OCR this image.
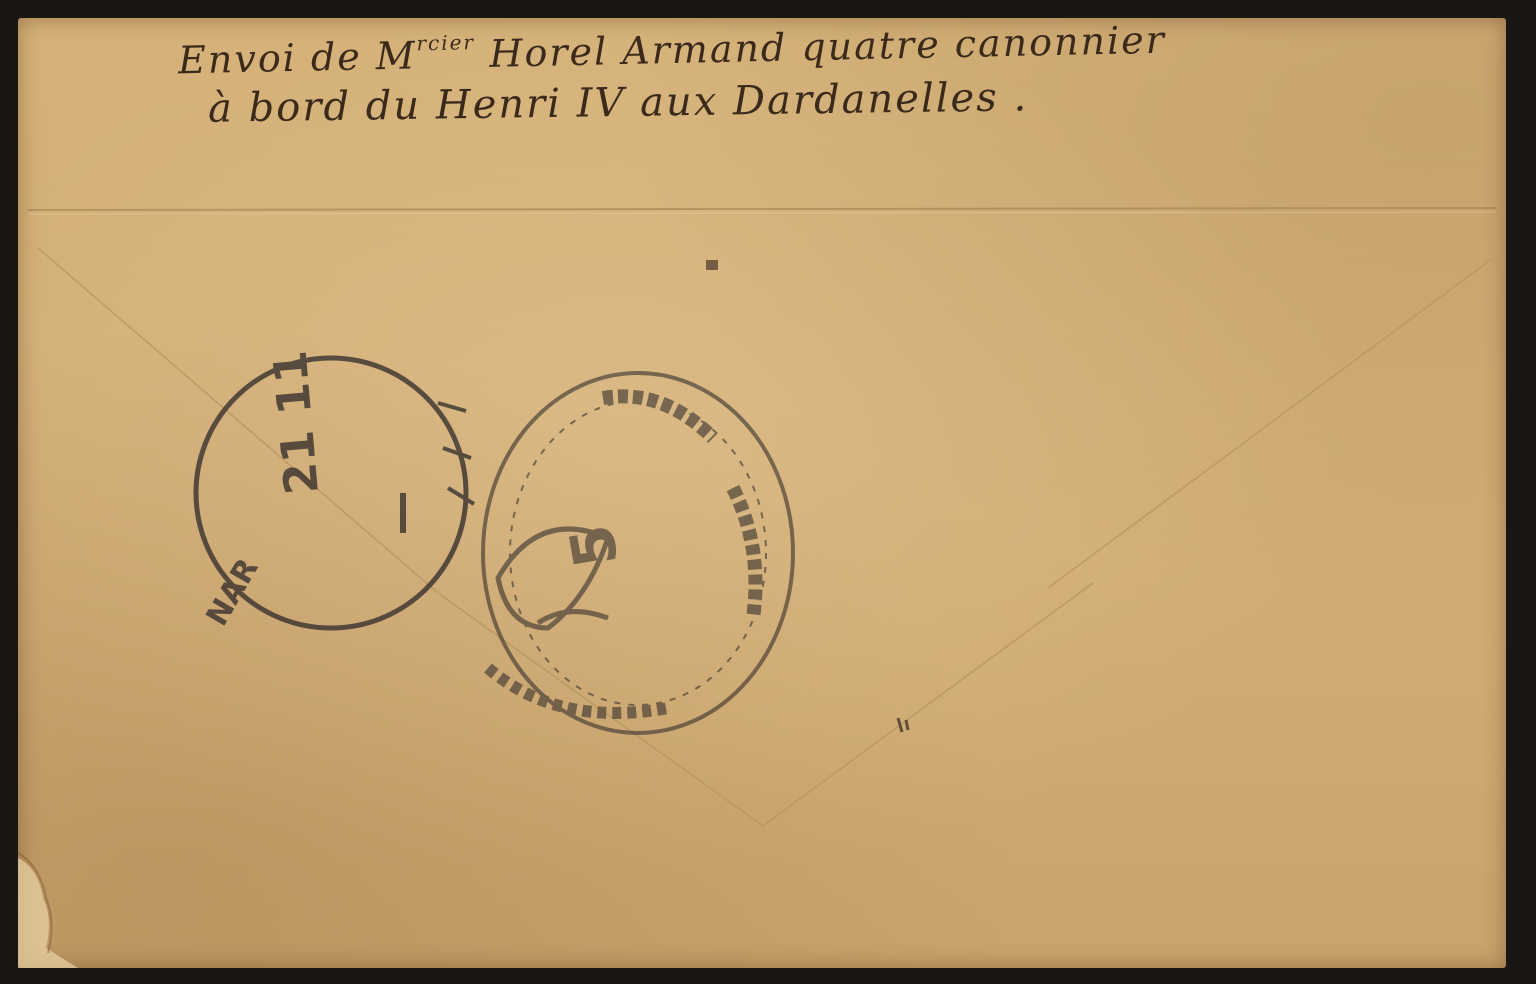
21 11
NAR
5
Envoi de $M^{rcier}$ Horel Armand quatre canonnier
à bord du Henri IV aux Dardanelles .
